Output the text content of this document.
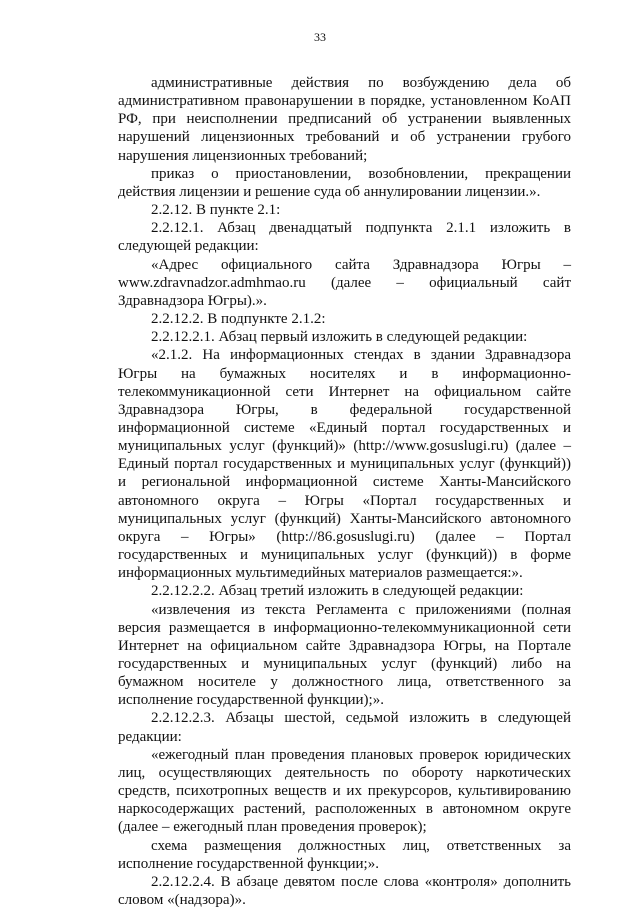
33

административные действия по возбуждению дела об административном правонарушении в порядке, установленном КоАП РФ, при неисполнении предписаний об устранении выявленных нарушений лицензионных требований и об устранении грубого нарушения лицензионных требований;

приказ о приостановлении, возобновлении, прекращении действия лицензии и решение суда об аннулировании лицензии.».

2.2.12. В пункте 2.1:

2.2.12.1. Абзац двенадцатый подпункта 2.1.1 изложить в следующей редакции:

«Адрес официального сайта Здравнадзора Югры – www.zdravnadzor.admhmao.ru (далее – официальный сайт Здравнадзора Югры).».

2.2.12.2. В подпункте 2.1.2:

2.2.12.2.1. Абзац первый изложить в следующей редакции:

«2.1.2. На информационных стендах в здании Здравнадзора Югры на бумажных носителях и в информационно-телекоммуникационной сети Интернет на официальном сайте Здравнадзора Югры, в федеральной государственной информационной системе «Единый портал государственных и муниципальных услуг (функций)» (http://www.gosuslugi.ru) (далее – Единый портал государственных и муниципальных услуг (функций)) и региональной информационной системе Ханты-Мансийского автономного округа – Югры «Портал государственных и муниципальных услуг (функций) Ханты-Мансийского автономного округа – Югры» (http://86.gosuslugi.ru) (далее – Портал государственных и муниципальных услуг (функций)) в форме информационных мультимедийных материалов размещается:».

2.2.12.2.2. Абзац третий изложить в следующей редакции:

«извлечения из текста Регламента с приложениями (полная версия размещается в информационно-телекоммуникационной сети Интернет на официальном сайте Здравнадзора Югры, на Портале государственных и муниципальных услуг (функций) либо на бумажном носителе у должностного лица, ответственного за исполнение государственной функции);».

2.2.12.2.3. Абзацы шестой, седьмой изложить в следующей редакции:

«ежегодный план проведения плановых проверок юридических лиц, осуществляющих деятельность по обороту наркотических средств, психотропных веществ и их прекурсоров, культивированию наркосодержащих растений, расположенных в автономном округе (далее – ежегодный план проведения проверок);

схема размещения должностных лиц, ответственных за исполнение государственной функции;».

2.2.12.2.4. В абзаце девятом после слова «контроля» дополнить словом «(надзора)».
